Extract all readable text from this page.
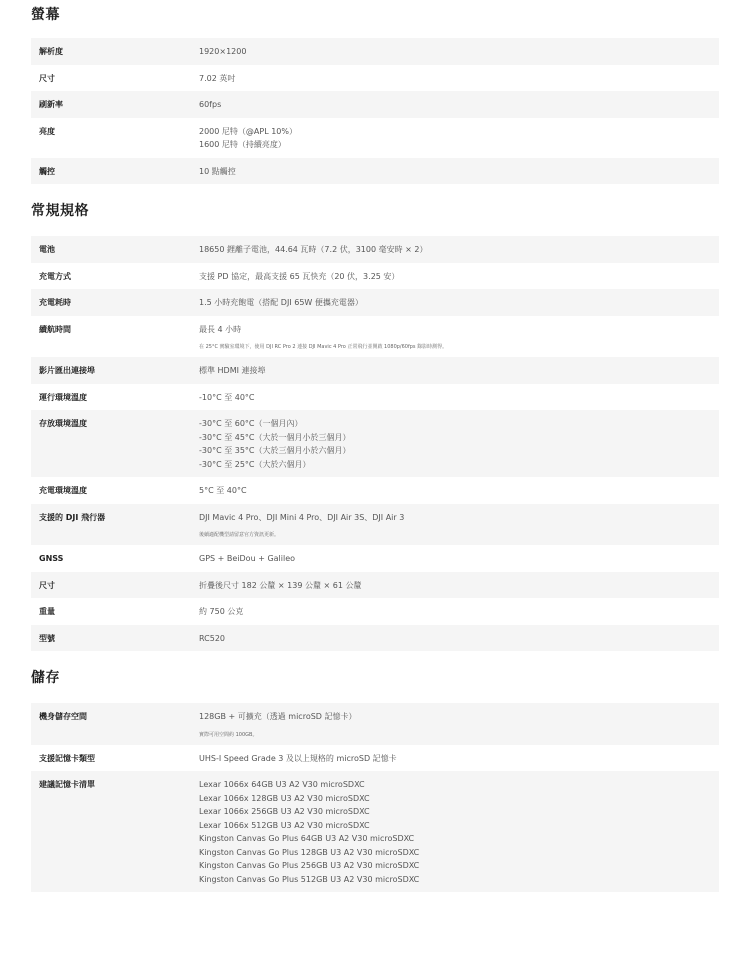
螢幕
解析度	1920×1200
尺寸	7.02 英吋
刷新率	60fps
亮度	2000 尼特（@APL 10%）
1600 尼特（持續亮度）
觸控	10 點觸控
常規規格
電池	18650 鋰離子電池，44.64 瓦時（7.2 伏，3100 毫安時 × 2）
充電方式	支援 PD 協定，最高支援 65 瓦快充（20 伏，3.25 安）
充電耗時	1.5 小時充飽電（搭配 DJI 65W 便攜充電器）
續航時間	最長 4 小時
在 25°C 實驗室環境下，使用 DJI RC Pro 2 連接 DJI Mavic 4 Pro 正常飛行並開啟 1080p/60fps 錄影時測得。
影片匯出連接埠	標準 HDMI 連接埠
運行環境溫度	-10°C 至 40°C
存放環境溫度	-30°C 至 60°C（一個月內）
-30°C 至 45°C（大於一個月小於三個月）
-30°C 至 35°C（大於三個月小於六個月）
-30°C 至 25°C（大於六個月）
充電環境溫度	5°C 至 40°C
支援的 DJI 飛行器	DJI Mavic 4 Pro、DJI Mini 4 Pro、DJI Air 3S、DJI Air 3
後續適配機型請留意官方資訊更新。
GNSS	GPS + BeiDou + Galileo
尺寸	折疊後尺寸 182 公釐 × 139 公釐 × 61 公釐
重量	約 750 公克
型號	RC520
儲存
機身儲存空間	128GB + 可擴充（透過 microSD 記憶卡）
實際可用空間約 100GB。
支援記憶卡類型	UHS-I Speed Grade 3 及以上規格的 microSD 記憶卡
建議記憶卡清單	Lexar 1066x 64GB U3 A2 V30 microSDXC
Lexar 1066x 128GB U3 A2 V30 microSDXC
Lexar 1066x 256GB U3 A2 V30 microSDXC
Lexar 1066x 512GB U3 A2 V30 microSDXC
Kingston Canvas Go Plus 64GB U3 A2 V30 microSDXC
Kingston Canvas Go Plus 128GB U3 A2 V30 microSDXC
Kingston Canvas Go Plus 256GB U3 A2 V30 microSDXC
Kingston Canvas Go Plus 512GB U3 A2 V30 microSDXC
